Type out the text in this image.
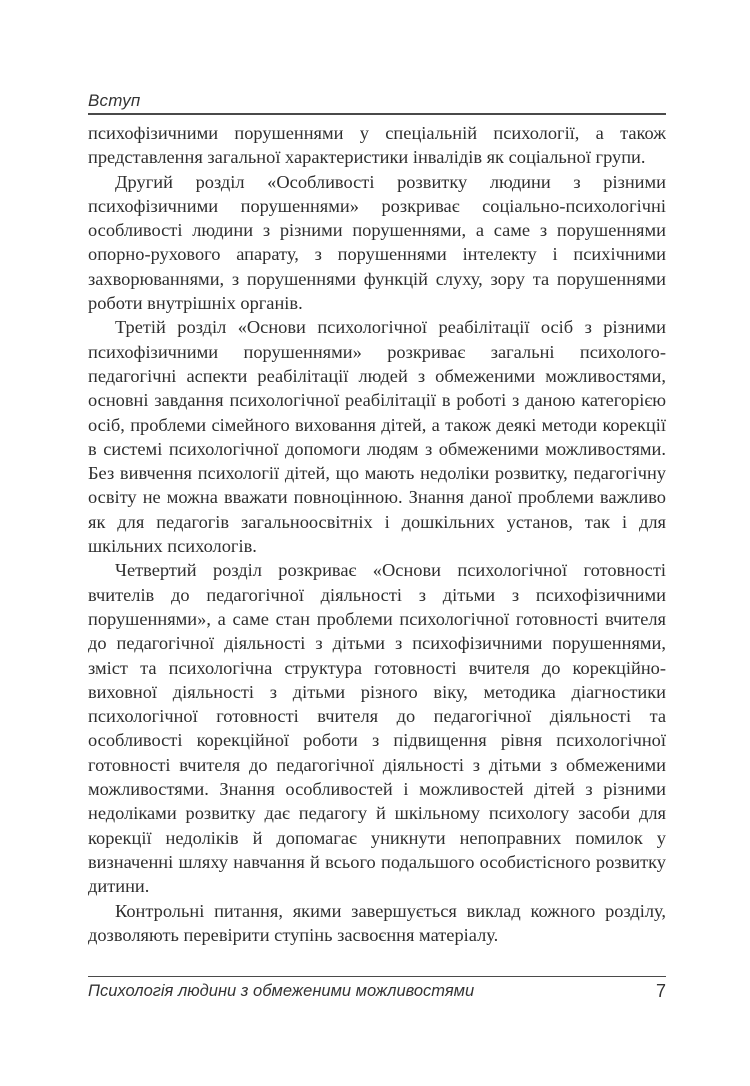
Вступ

психофізичними порушеннями у спеціальній психології, а також представлення загальної характеристики інвалідів як соціальної групи.

Другий розділ «Особливості розвитку людини з різними психофізичними порушеннями» розкриває соціально-психологічні особливості людини з різними порушеннями, а саме з порушеннями опорно-рухового апарату, з порушеннями інтелекту і психічними захворюваннями, з порушеннями функцій слуху, зору та порушеннями роботи внутрішніх органів.

Третій розділ «Основи психологічної реабілітації осіб з різними психофізичними порушеннями» розкриває загальні психолого-педагогічні аспекти реабілітації людей з обмеженими можливостями, основні завдання психологічної реабілітації в роботі з даною категорією осіб, проблеми сімейного виховання дітей, а також деякі методи корекції в системі психологічної допомоги людям з обмеженими можливостями. Без вивчення психології дітей, що мають недоліки розвитку, педагогічну освіту не можна вважати повноцінною. Знання даної проблеми важливо як для педагогів загальноосвітніх і дошкільних установ, так і для шкільних психологів.

Четвертий розділ розкриває «Основи психологічної готовності вчителів до педагогічної діяльності з дітьми з психофізичними порушеннями», а саме стан проблеми психологічної готовності вчителя до педагогічної діяльності з дітьми з психофізичними порушеннями, зміст та психологічна структура готовності вчителя до корекційно-виховної діяльності з дітьми різного віку, методика діагностики психологічної готовності вчителя до педагогічної діяльності та особливості корекційної роботи з підвищення рівня психологічної готовності вчителя до педагогічної діяльності з дітьми з обмеженими можливостями. Знання особливостей і можливостей дітей з різними недоліками розвитку дає педагогу й шкільному психологу засоби для корекції недоліків й допомагає уникнути непоправних помилок у визначенні шляху навчання й всього подальшого особистісного розвитку дитини.

Контрольні питання, якими завершується виклад кожного розділу, дозволяють перевірити ступінь засвоєння матеріалу.

Психологія людини з обмеженими можливостями	7
